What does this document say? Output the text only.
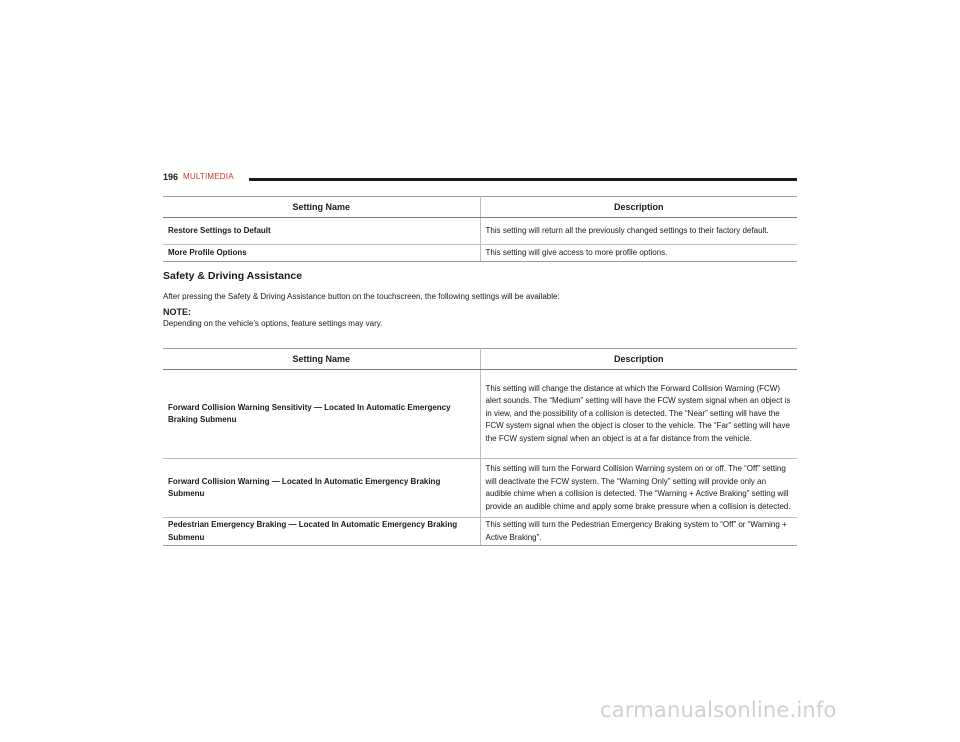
196 MULTIMEDIA
Setting Name	Description
Restore Settings to Default	This setting will return all the previously changed settings to their factory default.
More Profile Options	This setting will give access to more profile options.
Safety & Driving Assistance

After pressing the Safety & Driving Assistance button on the touchscreen, the following settings will be available:

NOTE:

Depending on the vehicle’s options, feature settings may vary.

Setting Name	Description
Forward Collision Warning Sensitivity — Located In Automatic Emergency Braking Submenu	This setting will change the distance at which the Forward Collision Warning (FCW) alert sounds. The “Medium” setting will have the FCW system signal when an object is in view, and the possibility of a collision is detected. The “Near” setting will have the FCW system signal when the object is closer to the vehicle. The “Far” setting will have the FCW system signal when an object is at a far distance from the vehicle.
Forward Collision Warning — Located In Automatic Emergency Braking Submenu	This setting will turn the Forward Collision Warning system on or off. The “Off” setting will deactivate the FCW system. The “Warning Only” setting will provide only an audible chime when a collision is detected. The “Warning + Active Braking” setting will provide an audible chime and apply some brake pressure when a collision is detected.
Pedestrian Emergency Braking — Located In Automatic Emergency Braking Submenu	This setting will turn the Pedestrian Emergency Braking system to “Off” or “Warning + Active Braking”.
carmanualsonline.info
